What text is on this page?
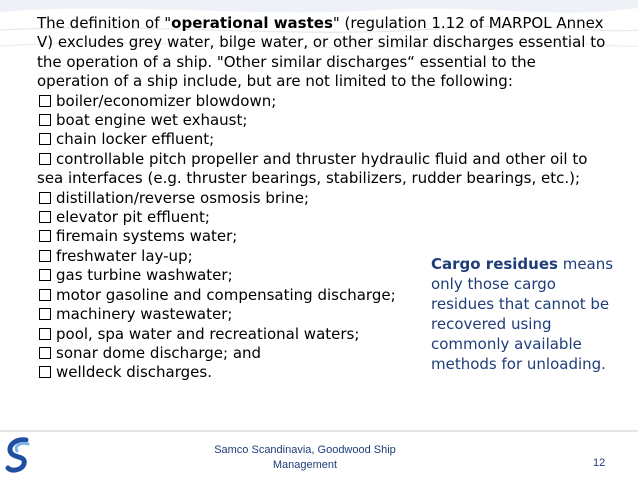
The definition of "operational wastes" (regulation 1.12 of MARPOL Annex V) excludes grey water, bilge water, or other similar discharges essential to the operation of a ship. "Other similar discharges“ essential to the operation of a ship include, but are not limited to the following:
boiler/economizer blowdown;
boat engine wet exhaust;
chain locker effluent;
controllable pitch propeller and thruster hydraulic fluid and other oil to sea interfaces (e.g. thruster bearings, stabilizers, rudder bearings, etc.);
distillation/reverse osmosis brine;
elevator pit effluent;
firemain systems water;
freshwater lay-up;
gas turbine washwater;
motor gasoline and compensating discharge;
machinery wastewater;
pool, spa water and recreational waters;
sonar dome discharge; and
welldeck discharges.
Cargo residues means only those cargo residues that cannot be recovered using commonly available methods for unloading.
Samco Scandinavia, Goodwood Ship Management	12
